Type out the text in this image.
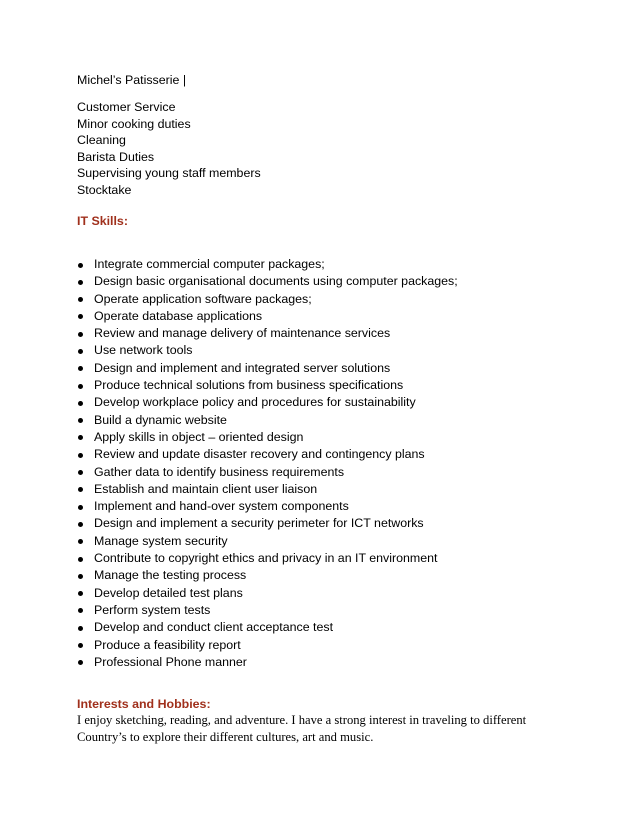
Michel’s Patisserie |
Customer Service
Minor cooking duties
Cleaning
Barista Duties
Supervising young staff members
Stocktake
IT Skills:
Integrate commercial computer packages;
Design basic organisational documents using computer packages;
Operate application software packages;
Operate database applications
Review and manage delivery of maintenance services
Use network tools
Design and implement and integrated server solutions
Produce technical solutions from business specifications
Develop workplace policy and procedures for sustainability
Build a dynamic website
Apply skills in object – oriented design
Review and update disaster recovery and contingency plans
Gather data to identify business requirements
Establish and maintain client user liaison
Implement and hand-over system components
Design and implement a security perimeter for ICT networks
Manage system security
Contribute to copyright ethics and privacy in an IT environment
Manage the testing process
Develop detailed test plans
Perform system tests
Develop and conduct client acceptance test
Produce a feasibility report
Professional Phone manner
Interests and Hobbies:

I enjoy sketching, reading, and adventure. I have a strong interest in traveling to different Country’s to explore their different cultures, art and music.
